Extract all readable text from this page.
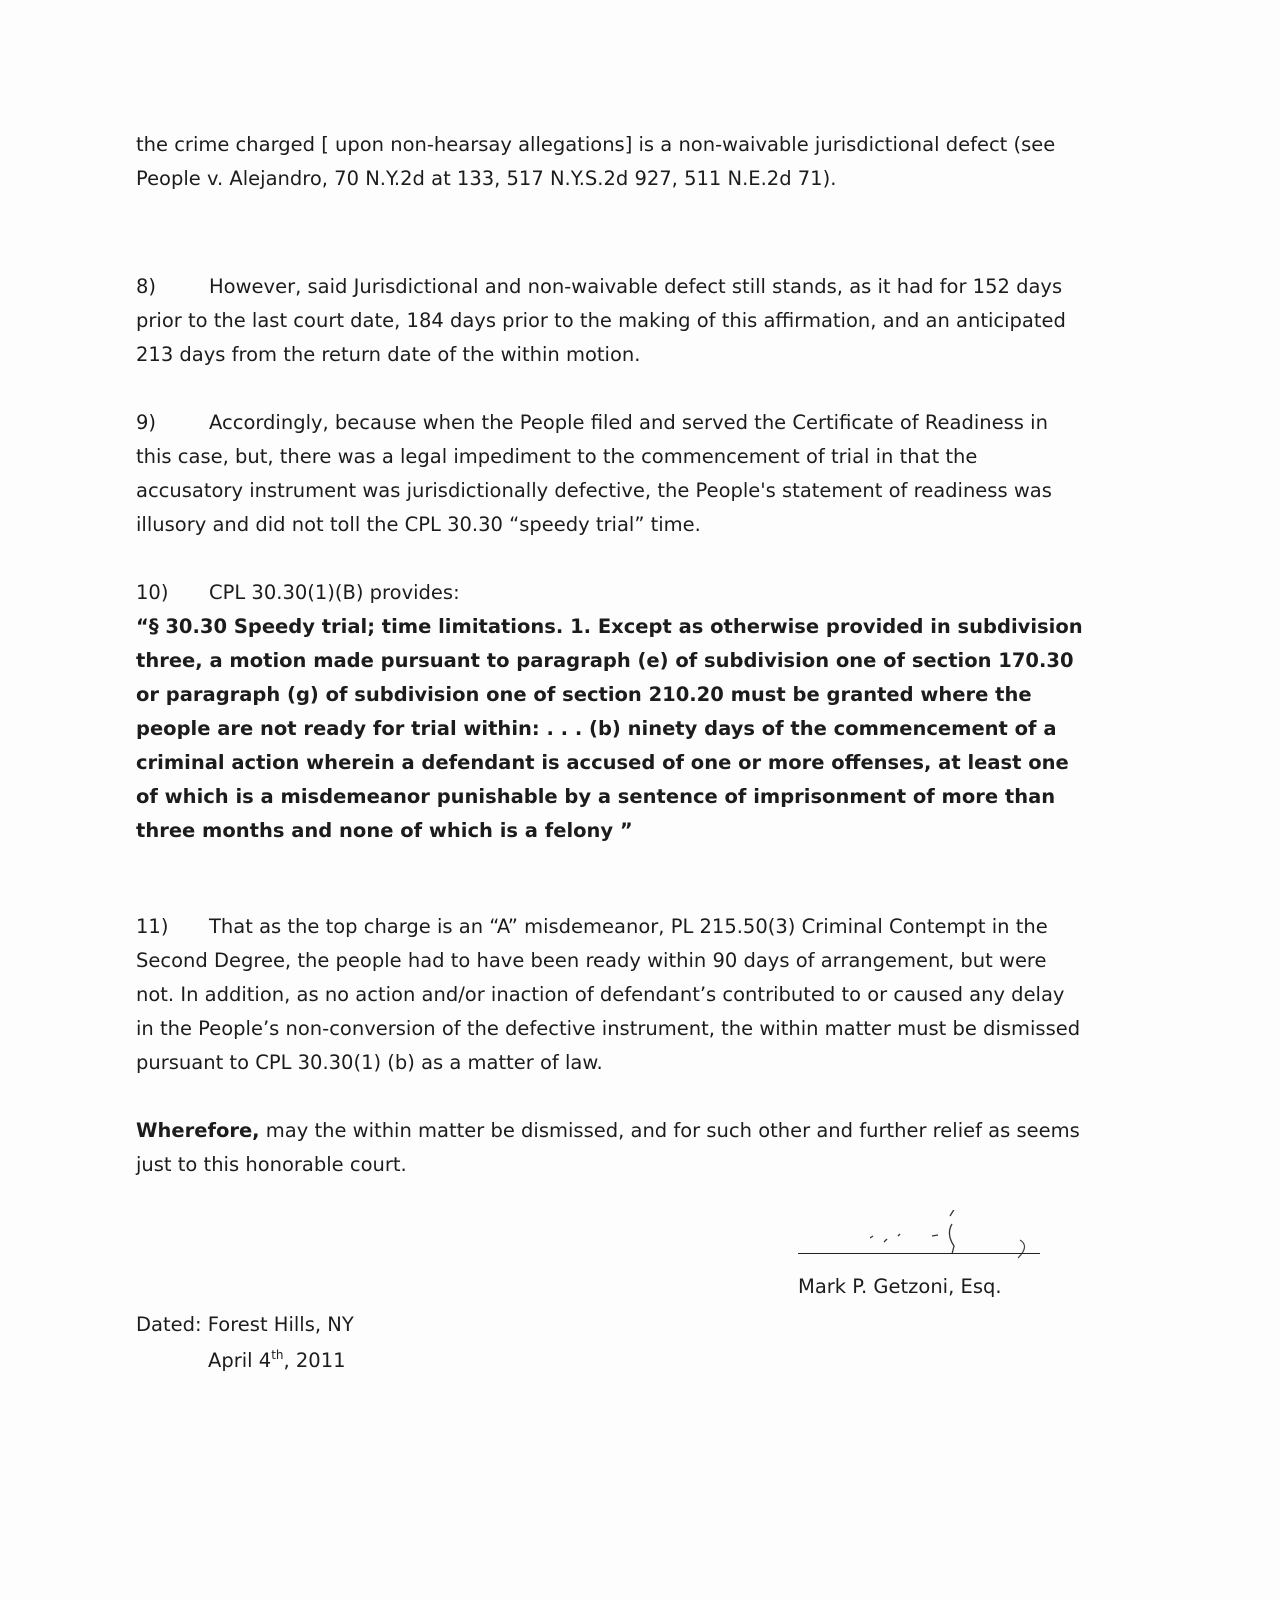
the crime charged [ upon non-hearsay allegations] is a non-waivable jurisdictional defect (see
People v. Alejandro, 70 N.Y.2d at 133, 517 N.Y.S.2d 927, 511 N.E.2d 71).

8)	However, said Jurisdictional and non-waivable defect still stands, as it had for 152 days prior to the last court date, 184 days prior to the making of this affirmation, and an anticipated 213 days from the return date of the within motion.

9)	Accordingly, because when the People filed and served the Certificate of Readiness in this case, but, there was a legal impediment to the commencement of trial in that the accusatory instrument was jurisdictionally defective, the People's statement of readiness was illusory and did not toll the CPL 30.30 “speedy trial” time.

10) CPL 30.30(1)(B) provides:
“§ 30.30 Speedy trial; time limitations. 1. Except as otherwise provided in subdivision three, a motion made pursuant to paragraph (e) of subdivision one of section 170.30 or paragraph (g) of subdivision one of section 210.20 must be granted where the people are not ready for trial within: . . . (b) ninety days of the commencement of a criminal action wherein a defendant is accused of one or more offenses, at least one of which is a misdemeanor punishable by a sentence of imprisonment of more than three months and none of which is a felony ”

11) That as the top charge is an “A” misdemeanor, PL 215.50(3) Criminal Contempt in the Second Degree, the people had to have been ready within 90 days of arrangement, but were not. In addition, as no action and/or inaction of defendant’s contributed to or caused any delay in the People’s non-conversion of the defective instrument, the within matter must be dismissed pursuant to CPL 30.30(1) (b) as a matter of law.

Wherefore, may the within matter be dismissed, and for such other and further relief as seems just to this honorable court.

Mark P. Getzoni, Esq.
Dated: Forest Hills, NY
April 4th, 2011
